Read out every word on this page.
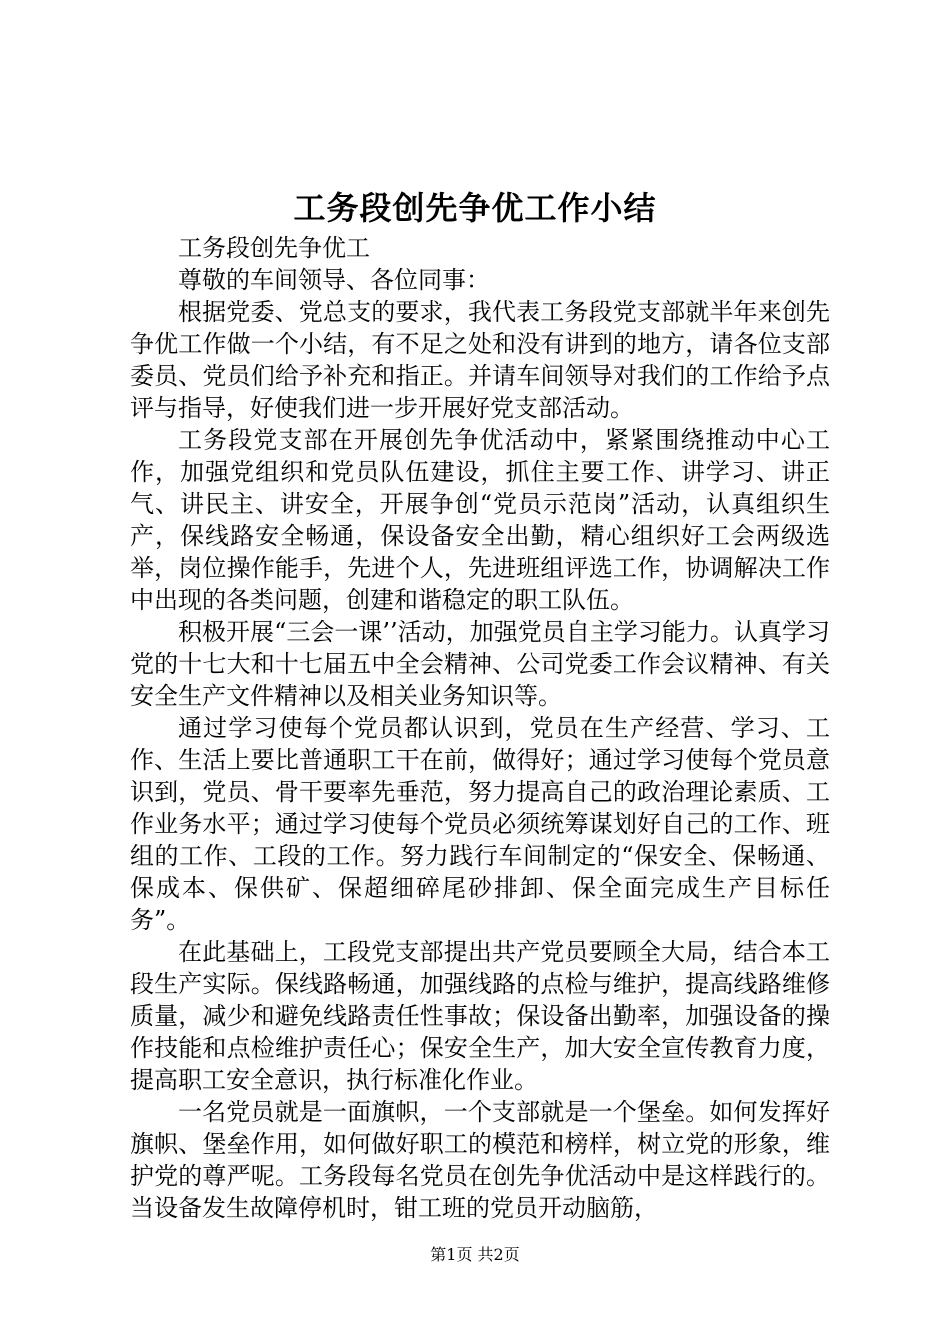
工务段创先争优工作小结

工务段创先争优工

尊敬的车间领导、各位同事：

根据党委、党总支的要求，我代表工务段党支部就半年来创先争优工作做一个小结，有不足之处和没有讲到的地方，请各位支部委员、党员们给予补充和指正。并请车间领导对我们的工作给予点评与指导，好使我们进一步开展好党支部活动。

工务段党支部在开展创先争优活动中，紧紧围绕推动中心工作，加强党组织和党员队伍建设，抓住主要工作、讲学习、讲正气、讲民主、讲安全，开展争创“党员示范岗”活动，认真组织生产，保线路安全畅通，保设备安全出勤，精心组织好工会两级选举，岗位操作能手，先进个人，先进班组评选工作，协调解决工作中出现的各类问题，创建和谐稳定的职工队伍。

积极开展“三会一课’’活动，加强党员自主学习能力。认真学习党的十七大和十七届五中全会精神、公司党委工作会议精神、有关安全生产文件精神以及相关业务知识等。

通过学习使每个党员都认识到，党员在生产经营、学习、工作、生活上要比普通职工干在前，做得好；通过学习使每个党员意识到，党员、骨干要率先垂范，努力提高自己的政治理论素质、工作业务水平；通过学习使每个党员必须统筹谋划好自己的工作、班组的工作、工段的工作。努力践行车间制定的“保安全、保畅通、保成本、保供矿、保超细碎尾砂排卸、保全面完成生产目标任务”。

在此基础上，工段党支部提出共产党员要顾全大局，结合本工段生产实际。保线路畅通，加强线路的点检与维护，提高线路维修质量，减少和避免线路责任性事故；保设备出勤率，加强设备的操作技能和点检维护责任心；保安全生产，加大安全宣传教育力度，提高职工安全意识，执行标准化作业。

一名党员就是一面旗帜，一个支部就是一个堡垒。如何发挥好旗帜、堡垒作用，如何做好职工的模范和榜样，树立党的形象，维护党的尊严呢。工务段每名党员在创先争优活动中是这样践行的。当设备发生故障停机时，钳工班的党员开动脑筋，

第1页 共2页
